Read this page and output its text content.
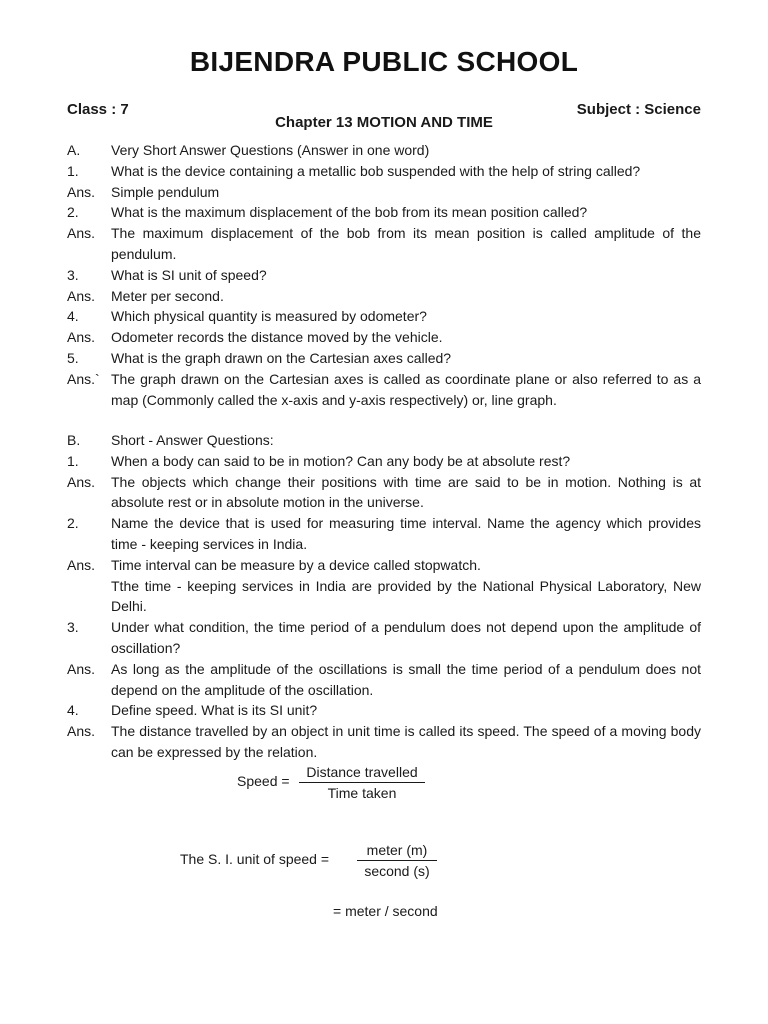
BIJENDRA PUBLIC SCHOOL
Class : 7	Subject : Science
Chapter 13 MOTION AND TIME
A.	Very Short Answer Questions (Answer in one word)
1.	What is the device containing a metallic bob suspended with the help of string called?
Ans.	Simple pendulum
2.	What is the maximum displacement of the bob from its mean position called?
Ans.	The maximum displacement of the bob from its mean position is called amplitude of the pendulum.
3.	What is SI unit of speed?
Ans.	Meter per second.
4.	Which physical quantity is measured by odometer?
Ans.	Odometer records the distance moved by the vehicle.
5.	What is the graph drawn on the Cartesian axes called?
Ans.` The graph drawn on the Cartesian axes is called as coordinate plane or also referred to as a map (Commonly called the x-axis and y-axis respectively) or, line graph.
B.	Short - Answer Questions:
1.	When a body can said to be in motion? Can any body be at absolute rest?
Ans.	The objects which change their positions with time are said to be in motion. Nothing is at absolute rest or in absolute motion in the universe.
2.	Name the device that is used for measuring time interval. Name the agency which provides time - keeping services in India.
Ans.	Time interval can be measure by a device called stopwatch.
Tthe time - keeping services in India are provided by the National Physical Laboratory, New Delhi.
3.	Under what condition, the time period of a pendulum does not depend upon the amplitude of oscillation?
Ans.	As long as the amplitude of the oscillations is small the time period of a pendulum does not depend on the amplitude of the oscillation.
4.	Define speed. What is its SI unit?
Ans.	The distance travelled by an object in unit time is called its speed. The speed of a moving body can be expressed by the relation.
Speed =
Distance travelled
Time taken
The S. I. unit of speed =
meter (m)
second (s)
= meter / second
